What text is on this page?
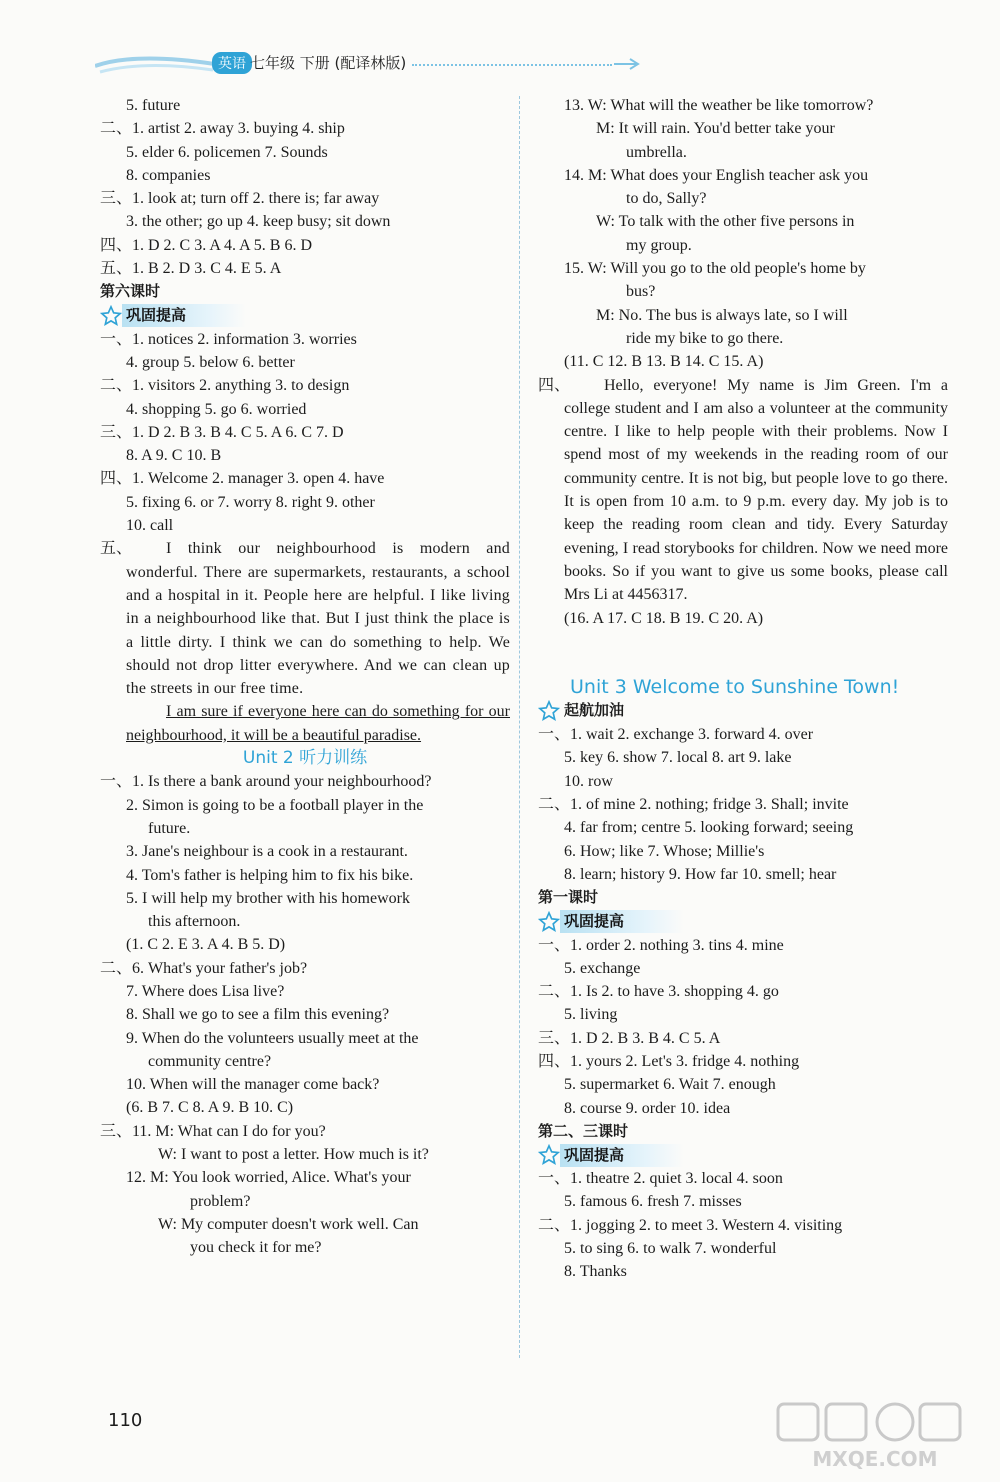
英语 七年级 下册 (配译林版)
5. future
二、1. artist 2. away 3. buying 4. ship
5. elder 6. policemen 7. Sounds
8. companies
三、1. look at; turn off 2. there is; far away
3. the other; go up 4. keep busy; sit down
四、1. D 2. C 3. A 4. A 5. B 6. D
五、1. B 2. D 3. C 4. E 5. A
第六课时
巩固提高
一、1. notices 2. information 3. worries
4. group 5. below 6. better
二、1. visitors 2. anything 3. to design
4. shopping 5. go 6. worried
三、1. D 2. B 3. B 4. C 5. A 6. C 7. D
8. A 9. C 10. B
四、1. Welcome 2. manager 3. open 4. have
5. fixing 6. or 7. worry 8. right 9. other
10. call
五、	I think our neighbourhood is modern and wonderful. There are supermarkets, restaurants, a school and a hospital in it. People here are helpful. I like living in a neighbourhood like that. But I just think the place is a little dirty. I think we can do something to help. We should not drop litter everywhere. And we can clean up the streets in our free time.
I am sure if everyone here can do something for our neighbourhood, it will be a beautiful paradise.
Unit 2 听力训练
一、1. Is there a bank around your neighbourhood?
2. Simon is going to be a football player in the
future.
3. Jane's neighbour is a cook in a restaurant.
4. Tom's father is helping him to fix his bike.
5. I will help my brother with his homework
this afternoon.
(1. C 2. E 3. A 4. B 5. D)
二、6. What's your father's job?
7. Where does Lisa live?
8. Shall we go to see a film this evening?
9. When do the volunteers usually meet at the
community centre?
10. When will the manager come back?
(6. B 7. C 8. A 9. B 10. C)
三、11. M: What can I do for you?
W: I want to post a letter. How much is it?
12. M: You look worried, Alice. What's your
problem?
W: My computer doesn't work well. Can
you check it for me?
13. W: What will the weather be like tomorrow?
M: It will rain. You'd better take your
umbrella.
14. M: What does your English teacher ask you
to do, Sally?
W: To talk with the other five persons in
my group.
15. W: Will you go to the old people's home by
bus?
M: No. The bus is always late, so I will
ride my bike to go there.
(11. C 12. B 13. B 14. C 15. A)
四、	Hello, everyone! My name is Jim Green. I'm a college student and I am also a volunteer at the community centre. I like to help people with their problems. Now I spend most of my weekends in the reading room of our community centre. It is not big, but people love to go there. It is open from 10 a.m. to 9 p.m. every day. My job is to keep the reading room clean and tidy. Every Saturday evening, I read storybooks for children. Now we need more books. So if you want to give us some books, please call Mrs Li at 4456317.
(16. A 17. C 18. B 19. C 20. A)
Unit 3 Welcome to Sunshine Town!
起航加油
一、1. wait 2. exchange 3. forward 4. over
5. key 6. show 7. local 8. art 9. lake
10. row
二、1. of mine 2. nothing; fridge 3. Shall; invite
4. far from; centre 5. looking forward; seeing
6. How; like 7. Whose; Millie's
8. learn; history 9. How far 10. smell; hear
第一课时
巩固提高
一、1. order 2. nothing 3. tins 4. mine
5. exchange
二、1. Is 2. to have 3. shopping 4. go
5. living
三、1. D 2. B 3. B 4. C 5. A
四、1. yours 2. Let's 3. fridge 4. nothing
5. supermarket 6. Wait 7. enough
8. course 9. order 10. idea
第二、三课时
巩固提高
一、1. theatre 2. quiet 3. local 4. soon
5. famous 6. fresh 7. misses
二、1. jogging 2. to meet 3. Western 4. visiting
5. to sing 6. to walk 7. wonderful
8. Thanks
110
MXQE.COM
